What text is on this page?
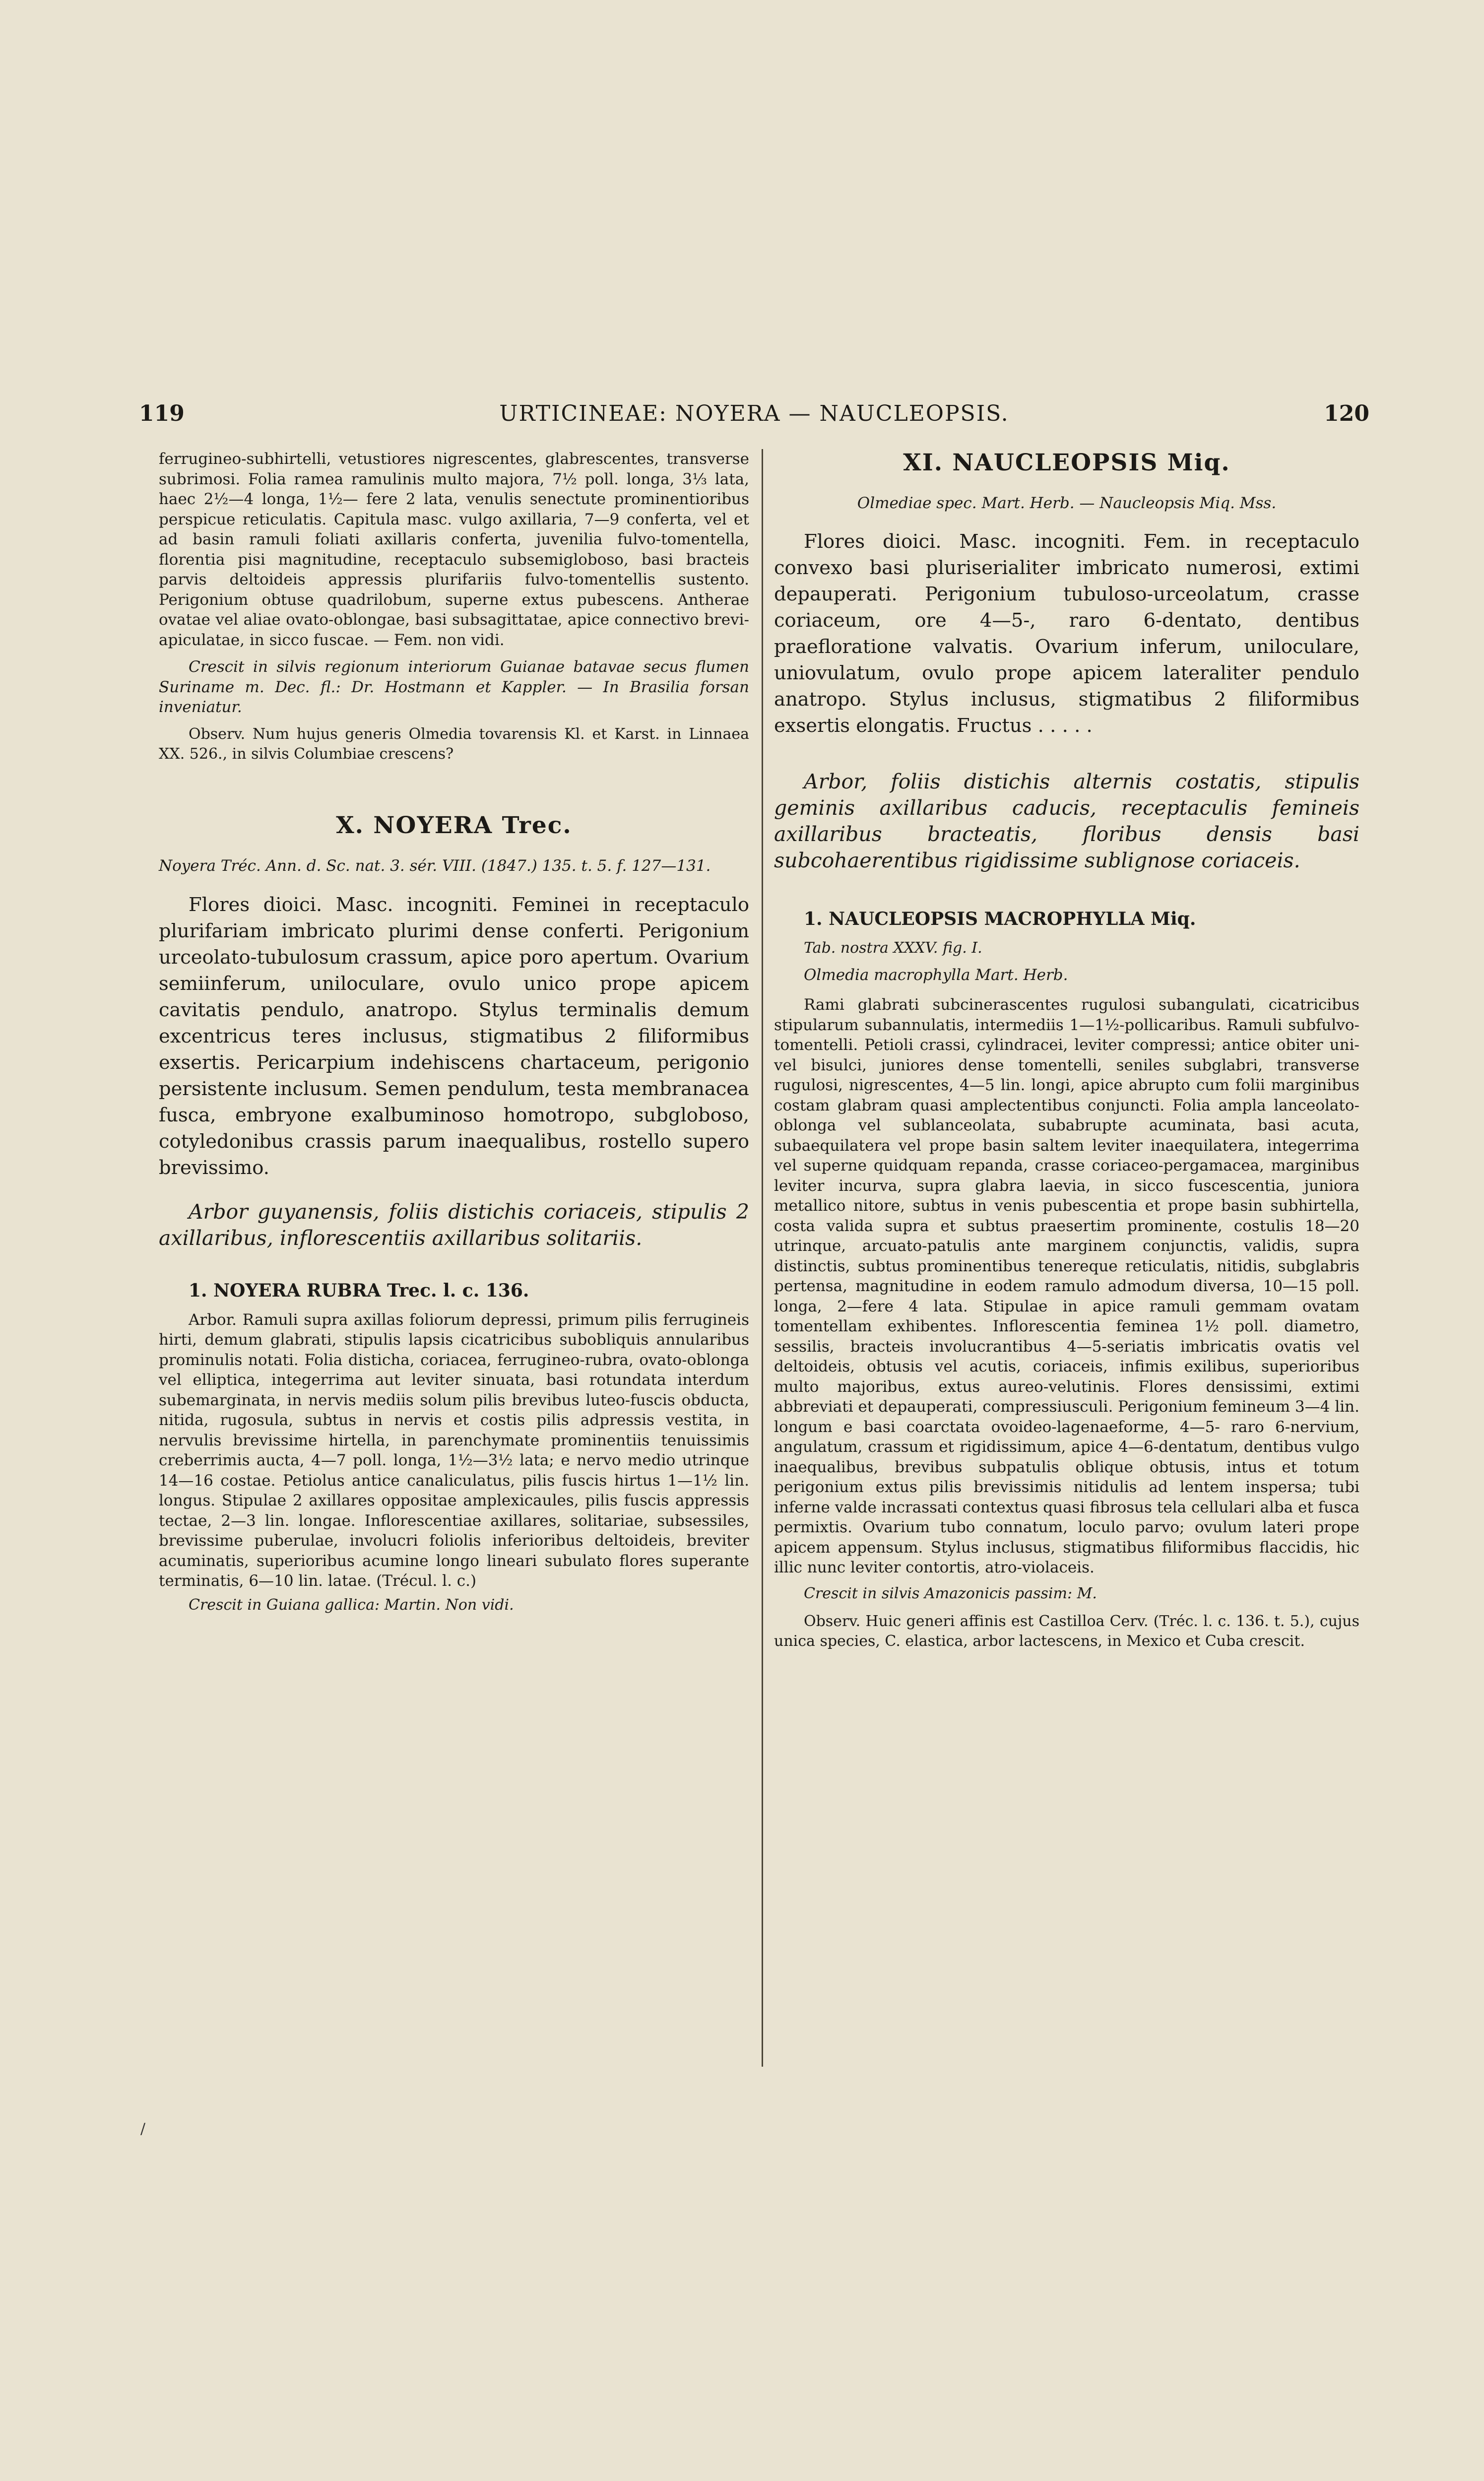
119	URTICINEAE: NOYERA — NAUCLEOPSIS.	120

ferrugineo-subhirtelli, vetustiores nigrescentes, glabrescentes, transverse subrimosi. Folia ramea ramulinis multo majora, 7½ poll. longa, 3⅓ lata, haec 2½—4 longa, 1½— fere 2 lata, venulis senectute prominentioribus perspicue reticulatis. Capitula masc. vulgo axillaria, 7—9 conferta, vel et ad basin ramuli foliati axillaris conferta, juvenilia fulvo-tomentella, florentia pisi magnitudine, receptaculo subsemigloboso, basi bracteis parvis deltoideis appressis plurifariis fulvo-tomentellis sustento. Perigonium obtuse quadrilobum, superne extus pubescens. Antherae ovatae vel aliae ovato-oblongae, basi subsagittatae, apice connectivo brevi-apiculatae, in sicco fuscae. — Fem. non vidi.

Crescit in silvis regionum interiorum Guianae batavae secus flumen Suriname m. Dec. fl.: Dr. Hostmann et Kappler. — In Brasilia forsan inveniatur.

Observ. Num hujus generis Olmedia tovarensis Kl. et Karst. in Linnaea XX. 526., in silvis Columbiae crescens?

X. NOYERA Trec.

Noyera Tréc. Ann. d. Sc. nat. 3. sér. VIII. (1847.) 135. t. 5. f. 127—131.

Flores dioici. Masc. incogniti. Feminei in receptaculo plurifariam imbricato plurimi dense conferti. Perigonium urceolato-tubulosum crassum, apice poro apertum. Ovarium semiinferum, uniloculare, ovulo unico prope apicem cavitatis pendulo, anatropo. Stylus terminalis demum excentricus teres inclusus, stigmatibus 2 filiformibus exsertis. Pericarpium indehiscens chartaceum, perigonio persistente inclusum. Semen pendulum, testa membranacea fusca, embryone exalbuminoso homotropo, subgloboso, cotyledonibus crassis parum inaequalibus, rostello supero brevissimo.

Arbor guyanensis, foliis distichis coriaceis, stipulis 2 axillaribus, inflorescentiis axillaribus solitariis.

1. NOYERA RUBRA Trec. l. c. 136.

Arbor. Ramuli supra axillas foliorum depressi, primum pilis ferrugineis hirti, demum glabrati, stipulis lapsis cicatricibus subobliquis annularibus prominulis notati. Folia disticha, coriacea, ferrugineo-rubra, ovato-oblonga vel elliptica, integerrima aut leviter sinuata, basi rotundata interdum subemarginata, in nervis mediis solum pilis brevibus luteo-fuscis obducta, nitida, rugosula, subtus in nervis et costis pilis adpressis vestita, in nervulis brevissime hirtella, in parenchymate prominentiis tenuissimis creberrimis aucta, 4—7 poll. longa, 1½—3½ lata; e nervo medio utrinque 14—16 costae. Petiolus antice canaliculatus, pilis fuscis hirtus 1—1½ lin. longus. Stipulae 2 axillares oppositae amplexicaules, pilis fuscis appressis tectae, 2—3 lin. longae. Inflorescentiae axillares, solitariae, subsessiles, brevissime puberulae, involucri foliolis inferioribus deltoideis, breviter acuminatis, superioribus acumine longo lineari subulato flores superante terminatis, 6—10 lin. latae. (Trécul. l. c.)

Crescit in Guiana gallica: Martin. Non vidi.

XI. NAUCLEOPSIS Miq.

Olmediae spec. Mart. Herb. — Naucleopsis Miq. Mss.

Flores dioici. Masc. incogniti. Fem. in receptaculo convexo basi pluriserialiter imbricato numerosi, extimi depauperati. Perigonium tubuloso-urceolatum, crasse coriaceum, ore 4—5-, raro 6-dentato, dentibus praefloratione valvatis. Ovarium inferum, uniloculare, uniovulatum, ovulo prope apicem lateraliter pendulo anatropo. Stylus inclusus, stigmatibus 2 filiformibus exsertis elongatis. Fructus . . . . .

Arbor, foliis distichis alternis costatis, stipulis geminis axillaribus caducis, receptaculis femineis axillaribus bracteatis, floribus densis basi subcohaerentibus rigidissime sublignose coriaceis.

1. NAUCLEOPSIS MACROPHYLLA Miq.

Tab. nostra XXXV. fig. I.

Olmedia macrophylla Mart. Herb.

Rami glabrati subcinerascentes rugulosi subangulati, cicatricibus stipularum subannulatis, intermediis 1—1½-pollicaribus. Ramuli subfulvo-tomentelli. Petioli crassi, cylindracei, leviter compressi; antice obiter uni- vel bisulci, juniores dense tomentelli, seniles subglabri, transverse rugulosi, nigrescentes, 4—5 lin. longi, apice abrupto cum folii marginibus costam glabram quasi amplectentibus conjuncti. Folia ampla lanceolato-oblonga vel sublanceolata, subabrupte acuminata, basi acuta, subaequilatera vel prope basin saltem leviter inaequilatera, integerrima vel superne quidquam repanda, crasse coriaceo-pergamacea, marginibus leviter incurva, supra glabra laevia, in sicco fuscescentia, juniora metallico nitore, subtus in venis pubescentia et prope basin subhirtella, costa valida supra et subtus praesertim prominente, costulis 18—20 utrinque, arcuato-patulis ante marginem conjunctis, validis, supra distinctis, subtus prominentibus tenereque reticulatis, nitidis, subglabris pertensa, magnitudine in eodem ramulo admodum diversa, 10—15 poll. longa, 2—fere 4 lata. Stipulae in apice ramuli gemmam ovatam tomentellam exhibentes. Inflorescentia feminea 1½ poll. diametro, sessilis, bracteis involucrantibus 4—5-seriatis imbricatis ovatis vel deltoideis, obtusis vel acutis, coriaceis, infimis exilibus, superioribus multo majoribus, extus aureo-velutinis. Flores densissimi, extimi abbreviati et depauperati, compressiusculi. Perigonium femineum 3—4 lin. longum e basi coarctata ovoideo-lagenaeforme, 4—5- raro 6-nervium, angulatum, crassum et rigidissimum, apice 4—6-dentatum, dentibus vulgo inaequalibus, brevibus subpatulis oblique obtusis, intus et totum perigonium extus pilis brevissimis nitidulis ad lentem inspersa; tubi inferne valde incrassati contextus quasi fibrosus tela cellulari alba et fusca permixtis. Ovarium tubo connatum, loculo parvo; ovulum lateri prope apicem appensum. Stylus inclusus, stigmatibus filiformibus flaccidis, hic illic nunc leviter contortis, atro-violaceis.

Crescit in silvis Amazonicis passim: M.

Observ. Huic generi affinis est Castilloa Cerv. (Tréc. l. c. 136. t. 5.), cujus unica species, C. elastica, arbor lactescens, in Mexico et Cuba crescit.

/
